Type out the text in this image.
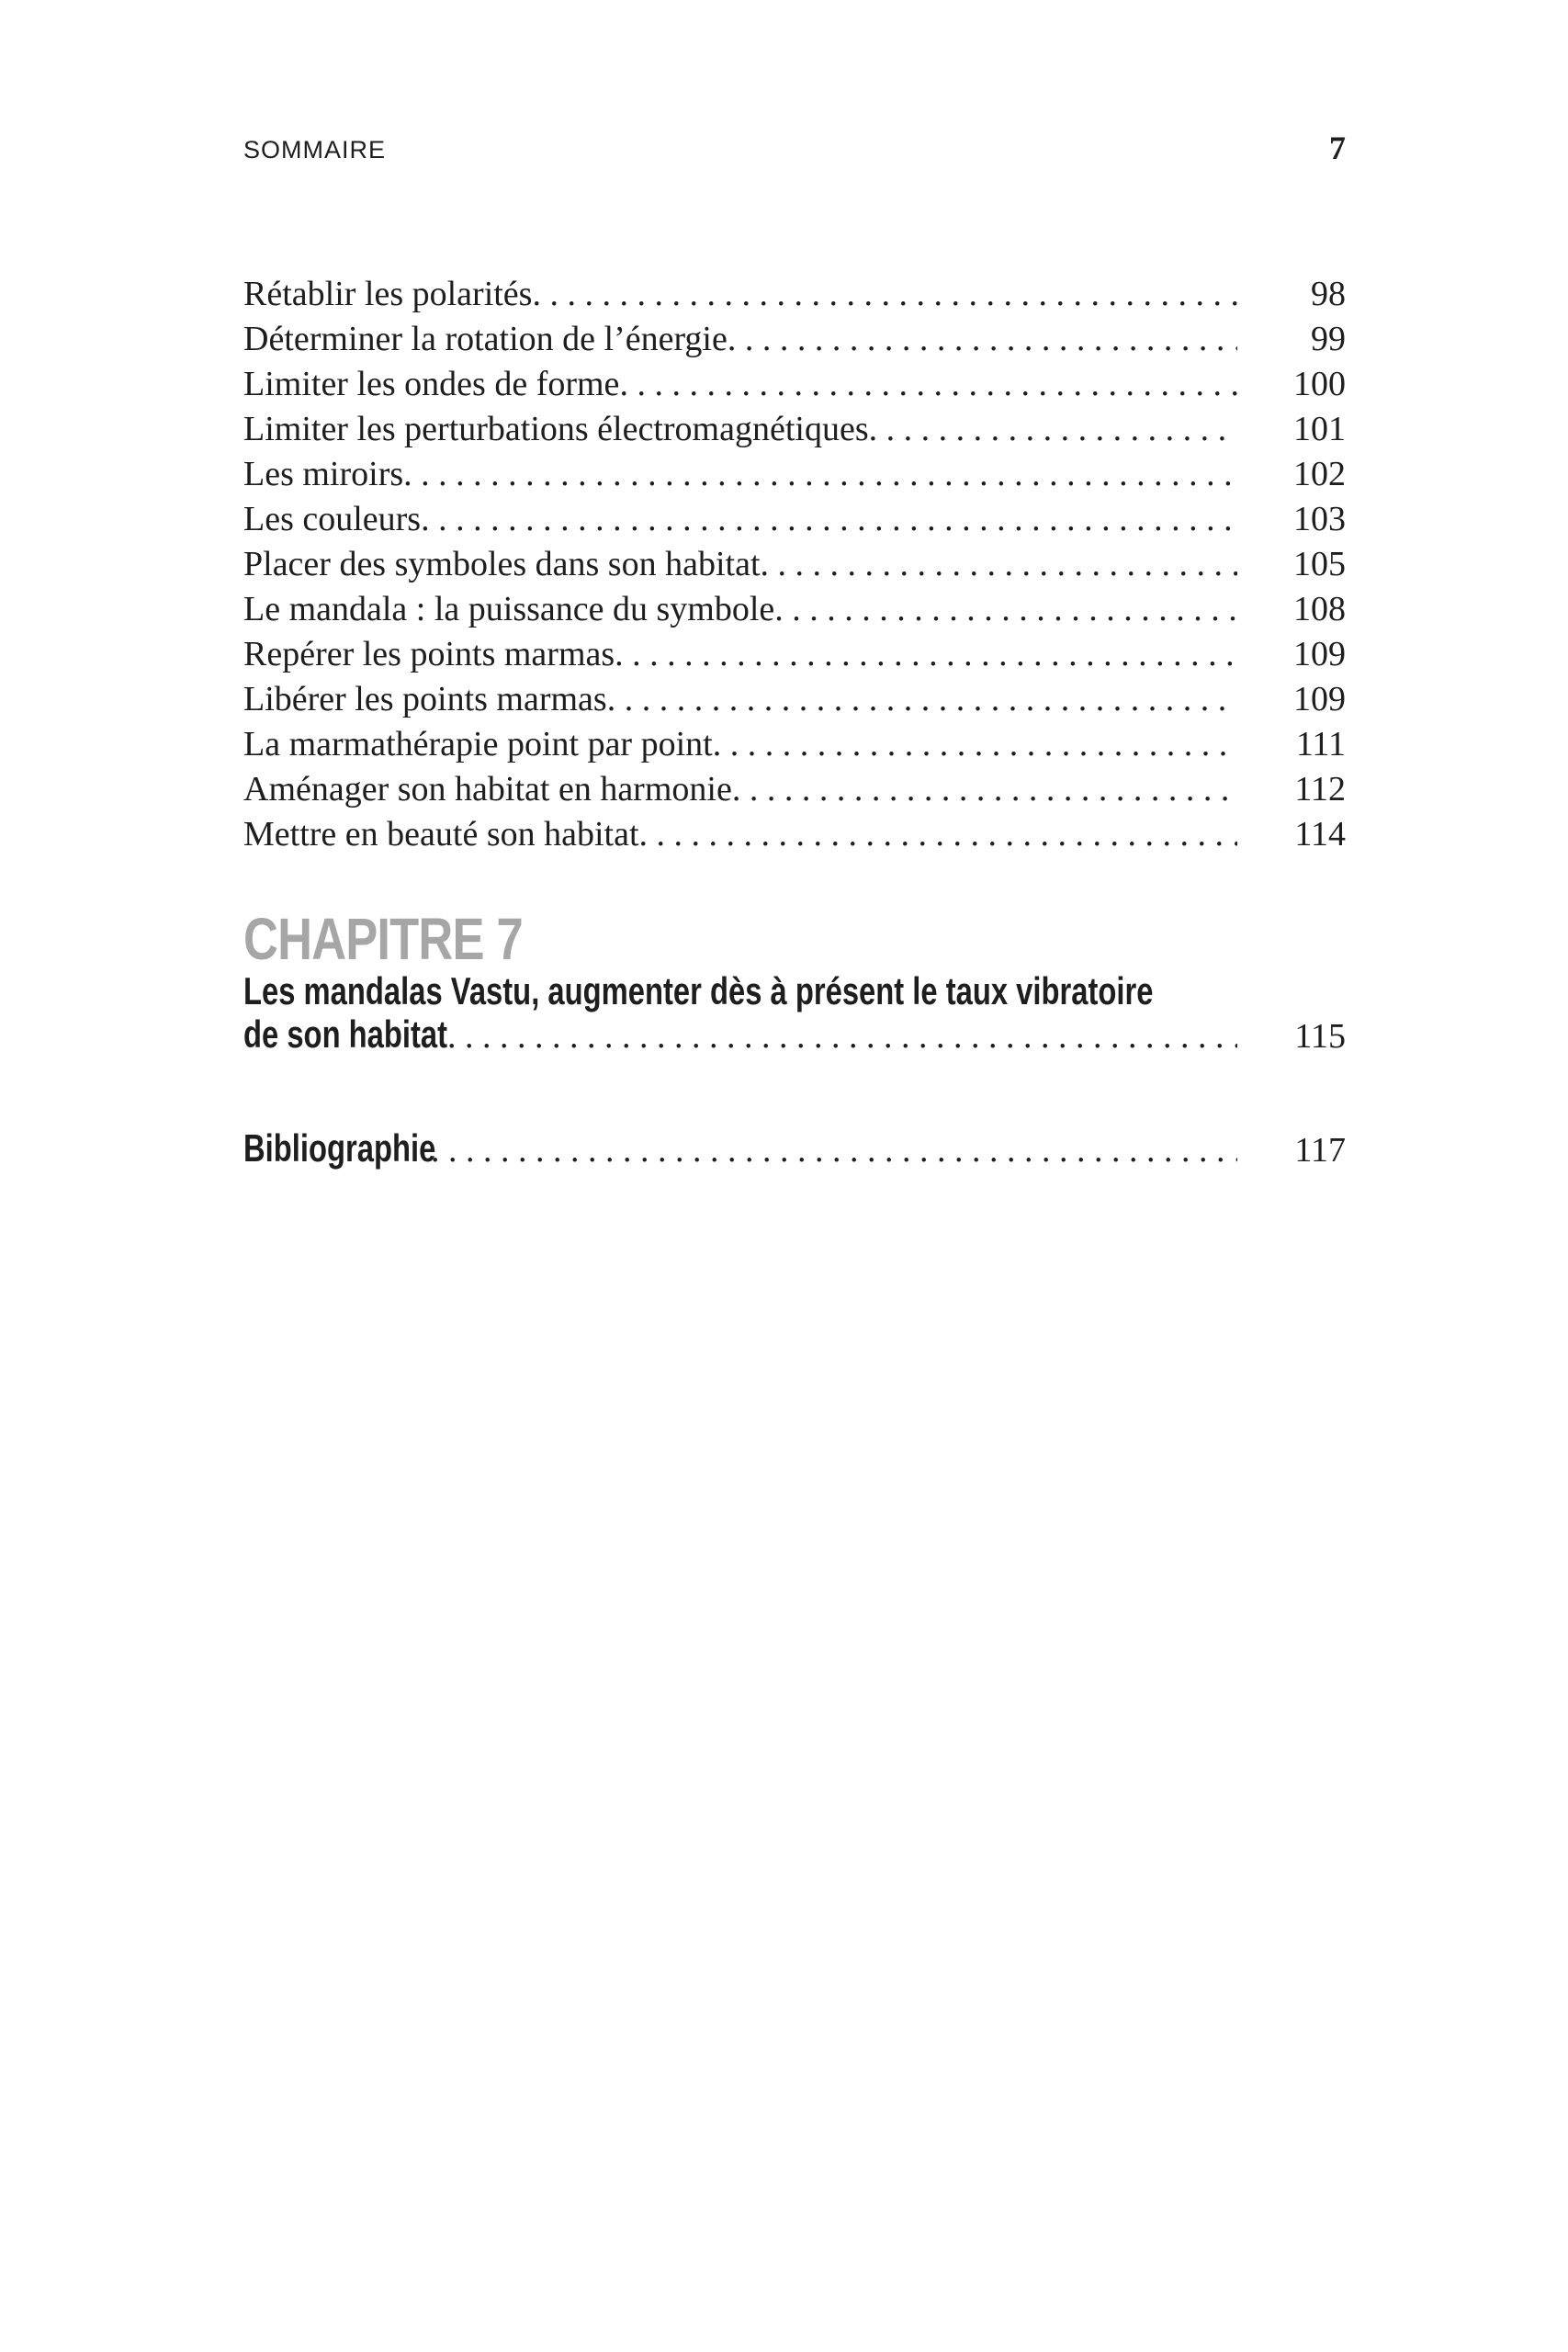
SOMMAIRE	7
Rétablir les polarités . . .	98
Déterminer la rotation de l’énergie . . .	99
Limiter les ondes de forme . . .	100
Limiter les perturbations électromagnétiques . . .	101
Les miroirs . . .	102
Les couleurs . . .	103
Placer des symboles dans son habitat . . .	105
Le mandala : la puissance du symbole . . .	108
Repérer les points marmas . . .	109
Libérer les points marmas . . .	109
La marmathérapie point par point . . .	111
Aménager son habitat en harmonie . . .	112
Mettre en beauté son habitat . . .	114
CHAPITRE 7
Les mandalas Vastu, augmenter dès à présent le taux vibratoire
de son habitat . . .	115
Bibliographie . . .	117
